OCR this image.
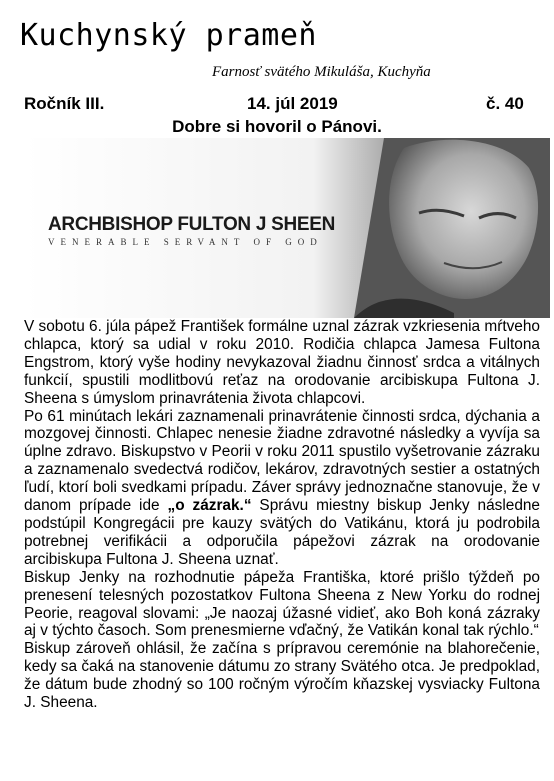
Kuchynský prameň
Farnosť svätého Mikuláša, Kuchyňa
Ročník III.	14. júl 2019	č. 40
Dobre si hovoril o Pánovi.
ARCHBISHOP FULTON J SHEEN
VENERABLE SERVANT OF GOD

V sobotu 6. júla pápež František formálne uznal zázrak vzkriesenia mŕtveho chlapca, ktorý sa udial v roku 2010. Rodičia chlapca Jamesa Fultona Engstrom, ktorý vyše hodiny nevykazoval žiadnu činnosť srdca a vitálnych funkcií, spustili modlitbovú reťaz na orodovanie arcibiskupa Fultona J. Sheena s úmyslom prinavrátenia života chlapcovi.

Po 61 minútach lekári zaznamenali prinavrátenie činnosti srdca, dýchania a mozgovej činnosti. Chlapec nenesie žiadne zdravotné následky a vyvíja sa úplne zdravo. Biskupstvo v Peorii v roku 2011 spustilo vyšetrovanie zázraku a zaznamenalo svedectvá rodičov, lekárov, zdravotných sestier a ostatných ľudí, ktorí boli svedkami prípadu. Záver správy jednoznačne stanovuje, že v danom prípade ide „o zázrak.“ Správu miestny biskup Jenky následne podstúpil Kongregácii pre kauzy svätých do Vatikánu, ktorá ju podrobila potrebnej verifikácii a odporučila pápežovi zázrak na orodovanie arcibiskupa Fultona J. Sheena uznať.

Biskup Jenky na rozhodnutie pápeža Františka, ktoré prišlo týždeň po prenesení telesných pozostatkov Fultona Sheena z New Yorku do rodnej Peorie, reagoval slovami: „Je naozaj úžasné vidieť, ako Boh koná zázraky aj v týchto časoch. Som prenesmierne vďačný, že Vatikán konal tak rýchlo.“

Biskup zároveň ohlásil, že začína s prípravou ceremónie na blahorečenie, kedy sa čaká na stanovenie dátumu zo strany Svätého otca. Je predpoklad, že dátum bude zhodný so 100 ročným výročím kňazskej vysviacky Fultona J. Sheena.
